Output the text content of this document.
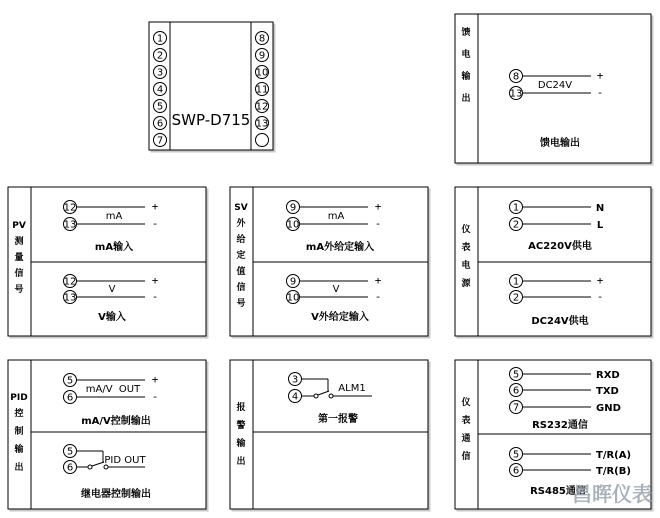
SWP-D715
1
2
3
4
5
6
7
8
9
10
11
12
13
馈电输出
8
13
DC24V
+
-
馈电输出
PV 测量信号
12
13
mA
+
-
mA输入
12
13
V
+
-
V输入
SV 外给定值信号
9
10
mA
+
-
mA外给定输入
9
10
V
+
-
V外给定输入
仪表电源
1
2
N
L
AC220V供电
1
2
+
-
DC24V供电
PID 控制输出
5
6
mA/V  OUT
+
-
mA/V控制输出
5
6
PID OUT
继电器控制输出
报警输出
3
4
ALM1
第一报警
仪表通信
5
6
7
RXD
TXD
GND
RS232通信
5
6
T/R(A)
T/R(B)
RS485通信
昌晖仪表
